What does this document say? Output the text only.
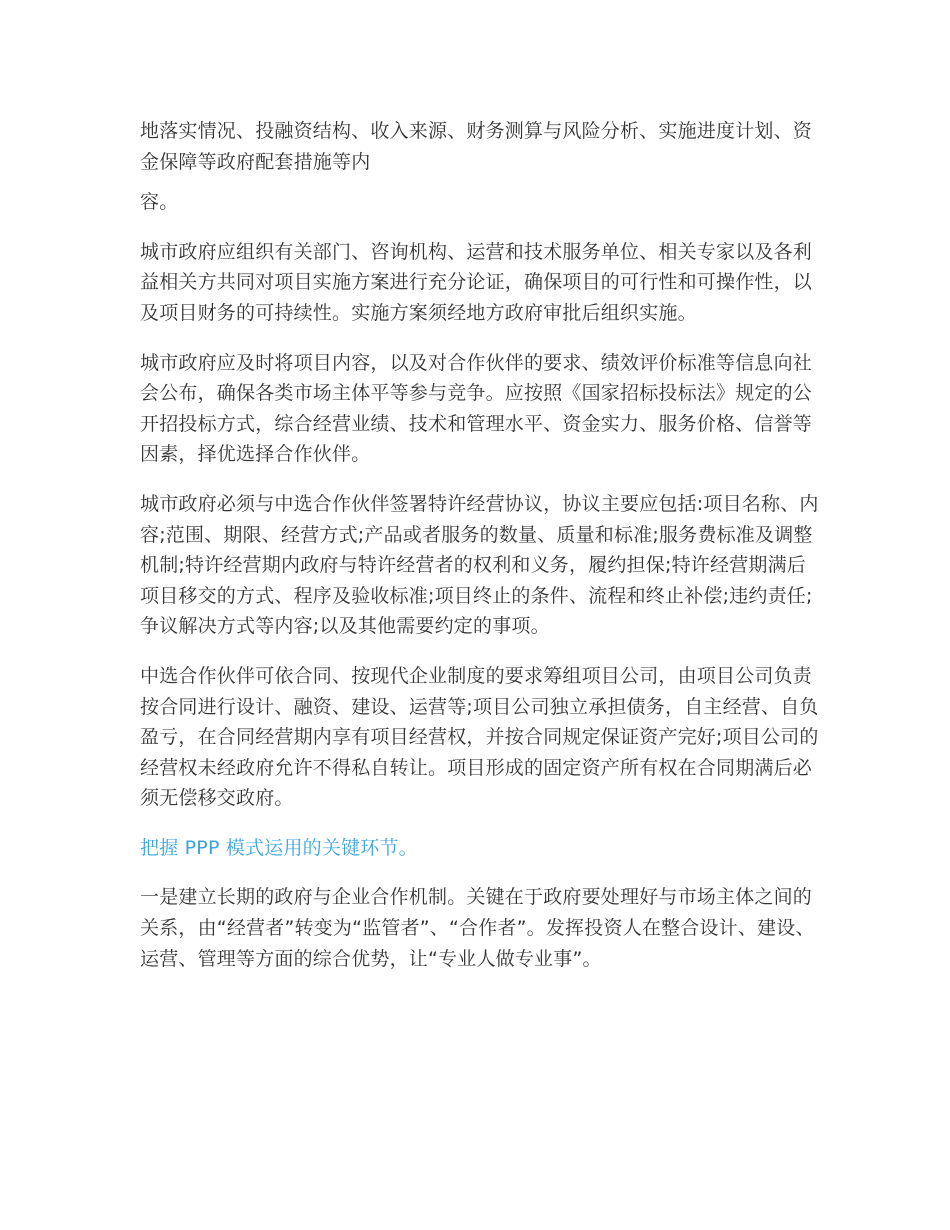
地落实情况、投融资结构、收入来源、财务测算与风险分析、实施进度计划、资金保障等政府配套措施等内

容。

城市政府应组织有关部门、咨询机构、运营和技术服务单位、相关专家以及各利益相关方共同对项目实施方案进行充分论证，确保项目的可行性和可操作性，以及项目财务的可持续性。实施方案须经地方政府审批后组织实施。

城市政府应及时将项目内容，以及对合作伙伴的要求、绩效评价标准等信息向社会公布，确保各类市场主体平等参与竞争。应按照《国家招标投标法》规定的公开招投标方式，综合经营业绩、技术和管理水平、资金实力、服务价格、信誉等因素，择优选择合作伙伴。

城市政府必须与中选合作伙伴签署特许经营协议，协议主要应包括:项目名称、内容;范围、期限、经营方式;产品或者服务的数量、质量和标准;服务费标准及调整机制;特许经营期内政府与特许经营者的权利和义务，履约担保;特许经营期满后项目移交的方式、程序及验收标准;项目终止的条件、流程和终止补偿;违约责任;争议解决方式等内容;以及其他需要约定的事项。

中选合作伙伴可依合同、按现代企业制度的要求筹组项目公司，由项目公司负责按合同进行设计、融资、建设、运营等;项目公司独立承担债务，自主经营、自负盈亏，在合同经营期内享有项目经营权，并按合同规定保证资产完好;项目公司的经营权未经政府允许不得私自转让。项目形成的固定资产所有权在合同期满后必须无偿移交政府。

把握 PPP 模式运用的关键环节。

一是建立长期的政府与企业合作机制。关键在于政府要处理好与市场主体之间的关系，由“经营者”转变为“监管者”、“合作者”。发挥投资人在整合设计、建设、运营、管理等方面的综合优势，让“专业人做专业事”。
